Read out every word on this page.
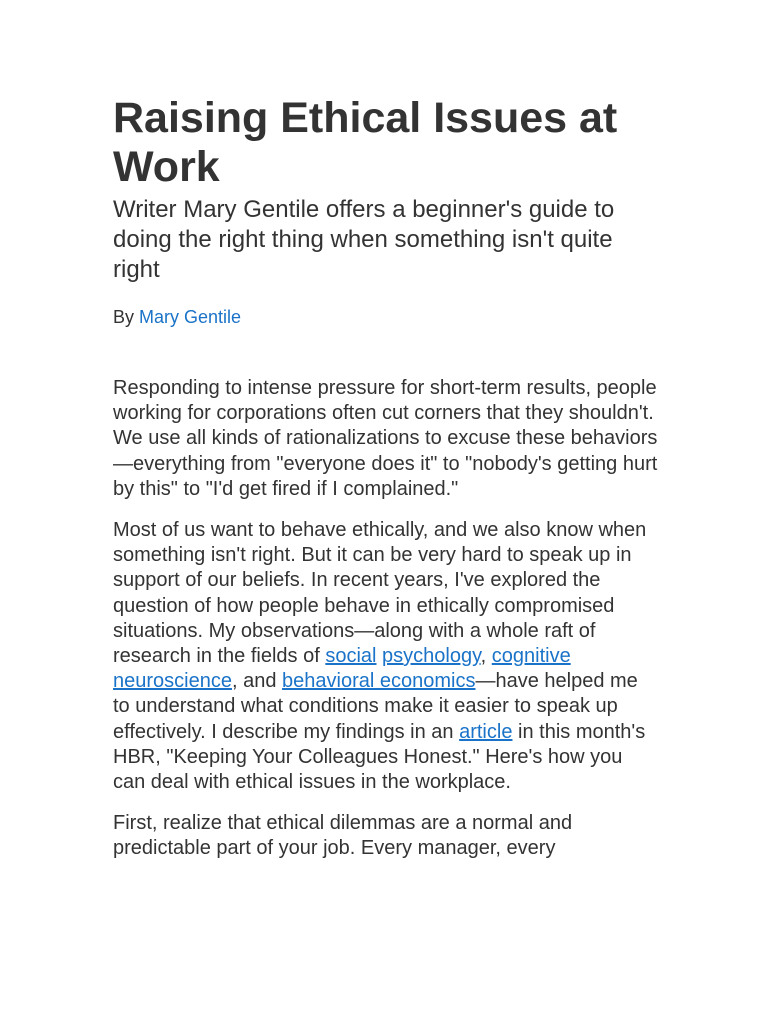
Raising Ethical Issues at Work

Writer Mary Gentile offers a beginner's guide to doing the right thing when something isn't quite right

By Mary Gentile

Responding to intense pressure for short-term results, people working for corporations often cut corners that they shouldn't. We use all kinds of rationalizations to excuse these behaviors—everything from "everyone does it" to "nobody's getting hurt by this" to "I'd get fired if I complained."

Most of us want to behave ethically, and we also know when something isn't right. But it can be very hard to speak up in support of our beliefs. In recent years, I've explored the question of how people behave in ethically compromised situations. My observations—along with a whole raft of research in the fields of social psychology, cognitive neuroscience, and behavioral economics—have helped me to understand what conditions make it easier to speak up effectively. I describe my findings in an article in this month's HBR, "Keeping Your Colleagues Honest." Here's how you can deal with ethical issues in the workplace.

First, realize that ethical dilemmas are a normal and predictable part of your job. Every manager, every
